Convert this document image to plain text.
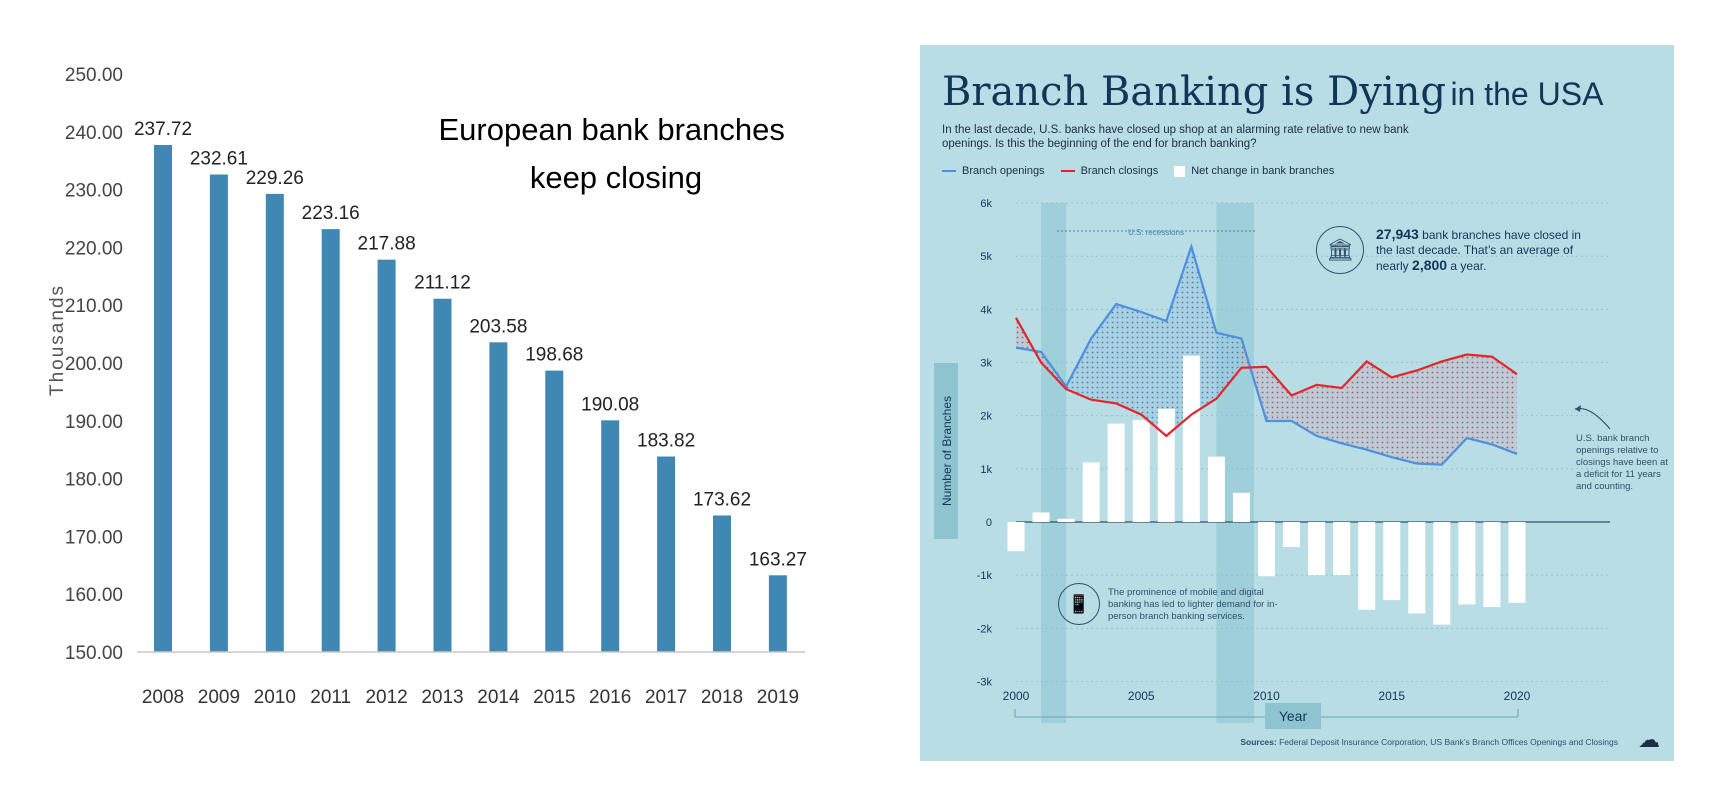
250.00
240.00
230.00
220.00
210.00
200.00
190.00
180.00
170.00
160.00
150.00
Thousands
237.72
232.61
229.26
223.16
217.88
211.12
203.58
198.68
190.08
183.82
173.62
163.27
2008 2009 2010 2011 2012 2013 2014 2015 2016 2017 2018 2019
European bank branches keep closing
6k
5k
4k
3k
2k
1k
0
-1k
-2k
-3k
2000	2005	2010	2015	2020
Number of Branches
U.S. recessions
Branch Banking is Dying in the USA
In the last decade, U.S. banks have closed up shop at an alarming rate relative to new bank openings. Is this the beginning of the end for branch banking?
Branch openings	Branch closings	Net change in bank branches
🏛
27,943 bank branches have closed in the last decade. That’s an average of nearly 2,800 a year.
U.S. bank branch openings relative to closings have been at a deficit for 11 years and counting.
📱
The prominence of mobile and digital banking has led to lighter demand for in-person branch banking services.
Year
Sources: Federal Deposit Insurance Corporation, US Bank’s Branch Offices Openings and Closings ☁
